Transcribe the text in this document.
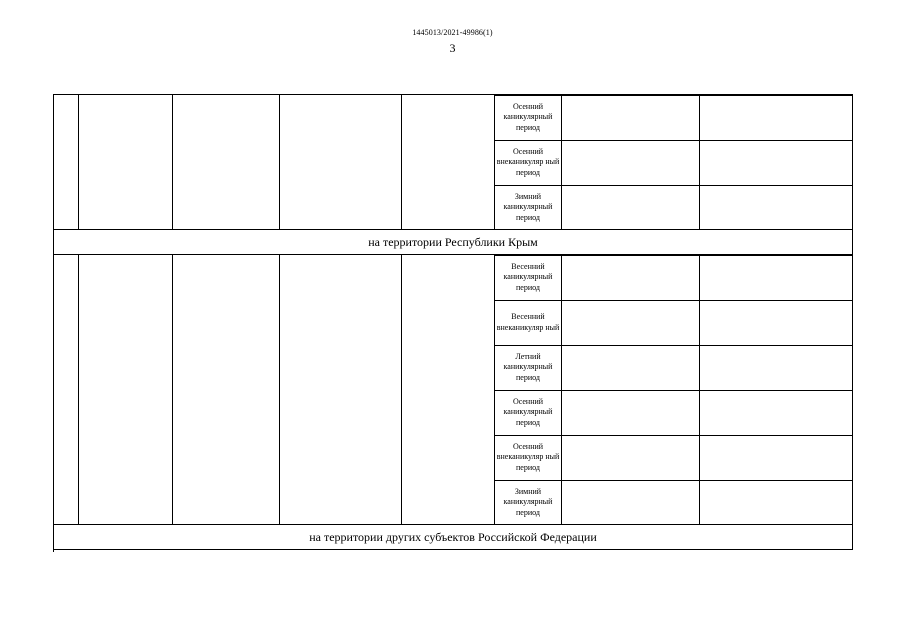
1445013/2021-49986(1)
3
Осенний каникулярный период
Осенний внеканикуляр ный период
Зимний каникулярный период
на территории Республики Крым
Весенний каникулярный период
Весенний внеканикуляр ный
Летний каникулярный период
Осенний каникулярный период
Осенний внеканикуляр ный период
Зимний каникулярный период
на территории других субъектов Российской Федерации
